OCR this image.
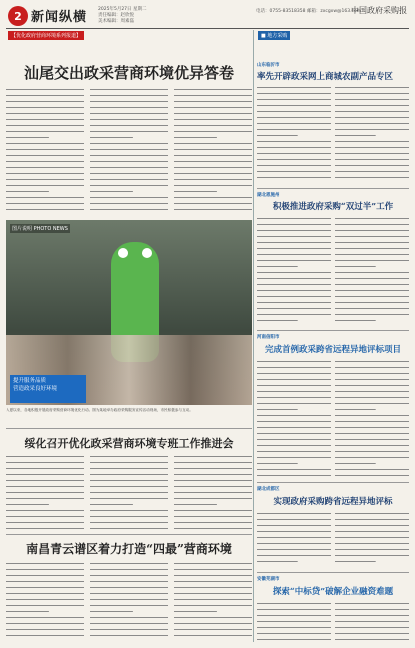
2 新闻纵横
2025年5月27日 星期二
责任编辑：赵欣悦
美术编辑：周素磊
电话：0755-83518358 邮箱：zxcgxw@163.com
中国政府采购报
【优化政府营商环境系列报道】	■ 地方采购
汕尾交出政采营商环境优异答卷
图片说明 PHOTO NEWS
提升服务品质
营造政采良好环境
入夏以来，各地积极开展政府采购营商环境优化行动。图为某地举办政府采购服务宣传活动现场，市民积极参与互动。
绥化召开优化政采营商环境专班工作推进会
南昌青云谱区着力打造“四最”营商环境
山东临沂市
率先开辟政采网上商城农副产品专区
湖北恩施州
积极推进政府采购“双过半”工作
河南信阳市
完成首例政采跨省远程异地评标项目
湖北成都区
实现政府采购跨省远程异地评标
安徽芜湖市
探索“中标贷”破解企业融资难题
